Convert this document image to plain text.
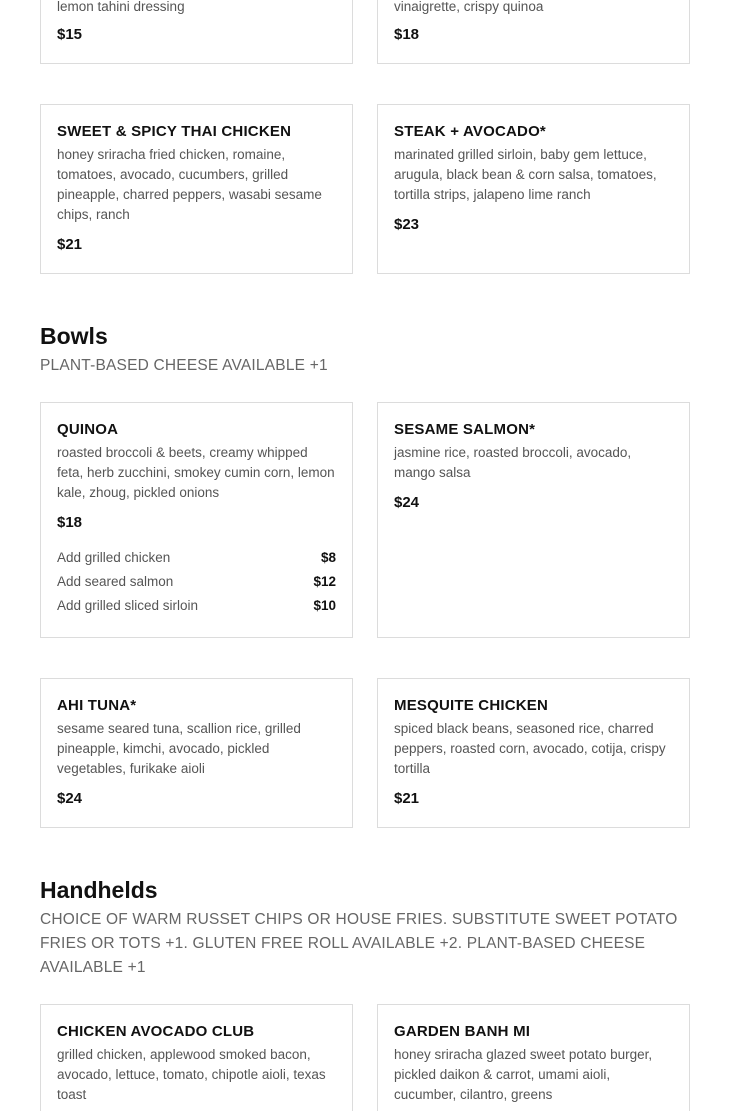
lemon tahini dressing
$15
vinaigrette, crispy quinoa
$18
SWEET & SPICY THAI CHICKEN
honey sriracha fried chicken, romaine, tomatoes, avocado, cucumbers, grilled pineapple, charred peppers, wasabi sesame chips, ranch
$21
STEAK + AVOCADO*
marinated grilled sirloin, baby gem lettuce, arugula, black bean & corn salsa, tomatoes, tortilla strips, jalapeno lime ranch
$23
Bowls
PLANT-BASED CHEESE AVAILABLE +1
QUINOA
roasted broccoli & beets, creamy whipped feta, herb zucchini, smokey cumin corn, lemon kale, zhoug, pickled onions
$18
Add grilled chicken	$8
Add seared salmon	$12
Add grilled sliced sirloin	$10
SESAME SALMON*
jasmine rice, roasted broccoli, avocado, mango salsa
$24
AHI TUNA*
sesame seared tuna, scallion rice, grilled pineapple, kimchi, avocado, pickled vegetables, furikake aioli
$24
MESQUITE CHICKEN
spiced black beans, seasoned rice, charred peppers, roasted corn, avocado, cotija, crispy tortilla
$21
Handhelds
CHOICE OF WARM RUSSET CHIPS OR HOUSE FRIES. SUBSTITUTE SWEET POTATO FRIES OR TOTS +1. GLUTEN FREE ROLL AVAILABLE +2. PLANT-BASED CHEESE AVAILABLE +1
CHICKEN AVOCADO CLUB
grilled chicken, applewood smoked bacon, avocado, lettuce, tomato, chipotle aioli, texas toast
GARDEN BANH MI
honey sriracha glazed sweet potato burger, pickled daikon & carrot, umami aioli, cucumber, cilantro, greens
